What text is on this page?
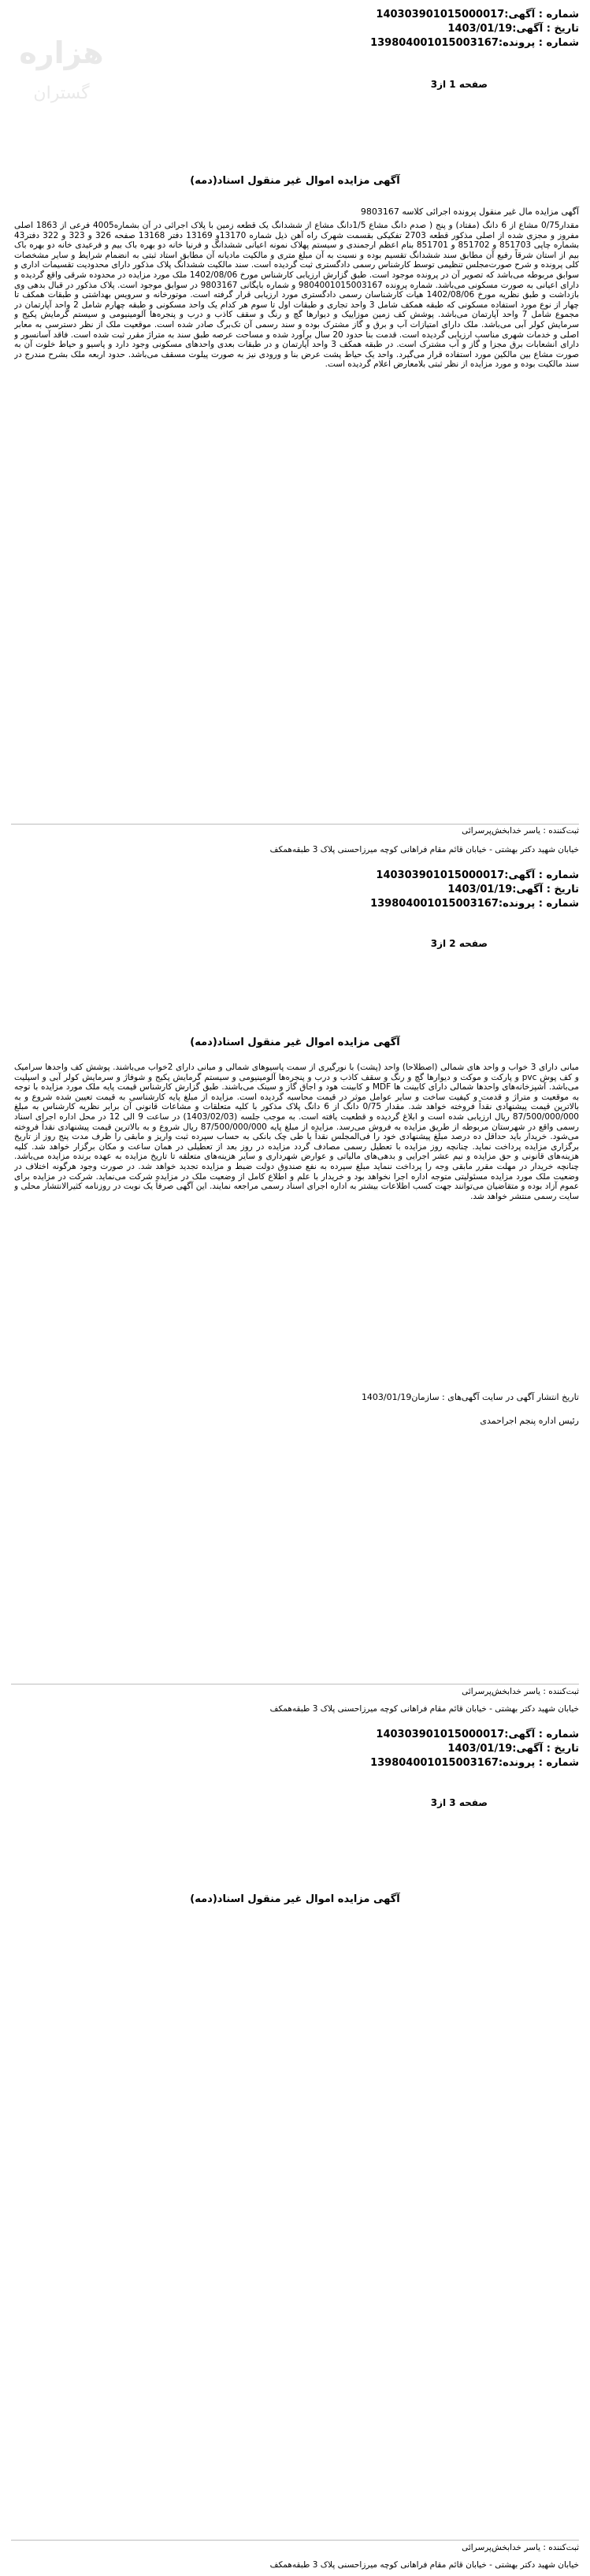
هزاره
گستران
شماره : آگهی:140303901015000017
تاریخ : آگهی:1403/01/19
شماره : پرونده:139804001015003167
صفحه 1 از3
آگهی مزایده اموال غیر منقول اسناد(دمه)
آگهی مزایده مال غیر منقول پرونده اجرائی کلاسه 9803167
مقدار0/75 مشاع از 6 دانگ (مفتاد) و پنج ( صدم دانگ مشاع 1/5دانگ مشاع از ششدانگ یک قطعه زمین با پلاک اجرائی در آن بشماره4005 فرعی از 1863 اصلی مفروز و مجزی شده از اصلی مذکور قطعه 2703 تفکیکی بقسمت شهرک راه آهن ذیل شماره 13170و 13169 دفتر 13168 صفحه 326 و 323 و 322 دفتر43 بشماره چاپی 851703 و 851702 و 851701 بنام اعظم ارجمندی و سیستم پهلاک نمونه اعیانی ششدانگ و فرنیا خانه دو بهره باک بیم و فرعیدی خانه دو بهره باک بیم از استان شرقاً رفیع آن مطابق سند ششدانگ تقسیم بوده و نسبت به آن مبلغ متری و مالکیت مادیانه آن مطابق استاد ثبتی به انضمام شرایط و سایر مشخصات کلی پرونده و شرح صورت‌مجلس تنظیمی توسط کارشناس رسمی دادگستری ثبت گردیده است. سند مالکیت ششدانگ پلاک مذکور دارای محدودیت تقسیمات اداری و سوابق مربوطه می‌باشد که تصویر آن در پرونده موجود است. طبق گزارش ارزیابی کارشناس مورخ 1402/08/06 ملک مورد مزایده در محدوده شرقی واقع گردیده و دارای اعیانی به صورت مسکونی می‌باشد. شماره پرونده 9804001015003167 و شماره بایگانی 9803167 در سوابق موجود است. پلاک مذکور در قبال بدهی وی بازداشت و طبق نظریه مورخ 1402/08/06 هیات کارشناسان رسمی دادگستری مورد ارزیابی قرار گرفته است. موتورخانه و سرویس بهداشتی و طبقات همکف تا چهار از نوع مورد استفاده مسکونی که طبقه همکف شامل 3 واحد تجاری و طبقات اول تا سوم هر کدام یک واحد مسکونی و طبقه چهارم شامل 2 واحد آپارتمان در مجموع شامل 7 واحد آپارتمان می‌باشد. پوشش کف زمین موزاییک و دیوارها گچ و رنگ و سقف کاذب و درب و پنجره‌ها آلومینیومی و سیستم گرمایش پکیج و سرمایش کولر آبی می‌باشد. ملک دارای امتیازات آب و برق و گاز مشترک بوده و سند رسمی آن تک‌برگ صادر شده است. موقعیت ملک از نظر دسترسی به معابر اصلی و خدمات شهری مناسب ارزیابی گردیده است. قدمت بنا حدود 20 سال برآورد شده و مساحت عرصه طبق سند به متراژ مقرر ثبت شده است. فاقد آسانسور و دارای انشعابات برق مجزا و گاز و آب مشترک است. در طبقه همکف 3 واحد آپارتمان و در طبقات بعدی واحدهای مسکونی وجود دارد و پاسیو و حیاط خلوت آن به صورت مشاع بین مالکین مورد استفاده قرار می‌گیرد. واحد یک حیاط پشت عرض بنا و ورودی نیز به صورت پیلوت مسقف می‌باشد. حدود اربعه ملک بشرح مندرج در سند مالکیت بوده و مورد مزایده از نظر ثبتی بلامعارض اعلام گردیده است.
ثبت‌کننده : یاسر خدابخش‌پرسرائی
خیابان شهید دکتر بهشتی - خیابان قائم مقام فراهانی کوچه میرزاحسنی پلاک 3 طبقه‌همکف
شماره : آگهی:140303901015000017
تاریخ : آگهی:1403/01/19
شماره : پرونده:139804001015003167
صفحه 2 از3
آگهی مزایده اموال غیر منقول اسناد(دمه)
مبانی دارای 3 خواب و واحد های شمالی (اصطلاحاً) واحد (پشت) با نورگیری از سمت پاسیوهای شمالی و مبانی دارای 2خواب می‌باشند. پوشش کف واحدها سرامیک و کف پوش pvc و پارکت و موکت و دیوارها گچ و رنگ و سقف کاذب و درب و پنجره‌ها آلومینیومی و سیستم گرمایش پکیج و شوفاژ و سرمایش کولر آبی و اسپلیت می‌باشد. آشپزخانه‌های واحدها شمالی دارای کابینت ها MDF و کابینت هود و اجاق گاز و سینک می‌باشند. طبق گزارش کارشناس قیمت پایه ملک مورد مزایده با توجه به موقعیت و متراژ و قدمت و کیفیت ساخت و سایر عوامل موثر در قیمت محاسبه گردیده است. مزایده از مبلغ پایه کارشناسی به قیمت تعیین شده شروع و به بالاترین قیمت پیشنهادی نقداً فروخته خواهد شد. مقدار 0/75 دانگ از 6 دانگ پلاک مذکور با کلیه متعلقات و مشاعات قانونی آن برابر نظریه کارشناس به مبلغ 87/500/000/000 ریال ارزیابی شده است و ابلاغ گردیده و قطعیت یافته است. به موجب جلسه (1403/02/03) در ساعت 9 الی 12 در محل اداره اجرای اسناد رسمی واقع در شهرستان مربوطه از طریق مزایده به فروش می‌رسد. مزایده از مبلغ پایه 87/500/000/000 ریال شروع و به بالاترین قیمت پیشنهادی نقداً فروخته می‌شود. خریدار باید حداقل ده درصد مبلغ پیشنهادی خود را فی‌المجلس نقداً یا طی چک بانکی به حساب سپرده ثبت واریز و مابقی را ظرف مدت پنج روز از تاریخ برگزاری مزایده پرداخت نماید. چنانچه روز مزایده با تعطیل رسمی مصادف گردد مزایده در روز بعد از تعطیلی در همان ساعت و مکان برگزار خواهد شد. کلیه هزینه‌های قانونی و حق مزایده و نیم عشر اجرایی و بدهی‌های مالیاتی و عوارض شهرداری و سایر هزینه‌های متعلقه تا تاریخ مزایده به عهده برنده مزایده می‌باشد. چنانچه خریدار در مهلت مقرر مابقی وجه را پرداخت ننماید مبلغ سپرده به نفع صندوق دولت ضبط و مزایده تجدید خواهد شد. در صورت وجود هرگونه اختلاف در وضعیت ملک مورد مزایده مسئولیتی متوجه اداره اجرا نخواهد بود و خریدار با علم و اطلاع کامل از وضعیت ملک در مزایده شرکت می‌نماید. شرکت در مزایده برای عموم آزاد بوده و متقاضیان می‌توانند جهت کسب اطلاعات بیشتر به اداره اجرای اسناد رسمی مراجعه نمایند. این آگهی صرفاً یک نوبت در روزنامه کثیرالانتشار محلی و سایت رسمی منتشر خواهد شد.
تاریخ انتشار آگهی در سایت آگهی‌های : سازمان1403/01/19
رئیس اداره پنجم اجراحمدی
ثبت‌کننده : یاسر خدابخش‌پرسرائی
خیابان شهید دکتر بهشتی - خیابان قائم مقام فراهانی کوچه میرزاحسنی پلاک 3 طبقه‌همکف
شماره : آگهی:140303901015000017
تاریخ : آگهی:1403/01/19
شماره : پرونده:139804001015003167
صفحه 3 از3
آگهی مزایده اموال غیر منقول اسناد(دمه)
ثبت‌کننده : یاسر خدابخش‌پرسرائی
خیابان شهید دکتر بهشتی - خیابان قائم مقام فراهانی کوچه میرزاحسنی پلاک 3 طبقه‌همکف
